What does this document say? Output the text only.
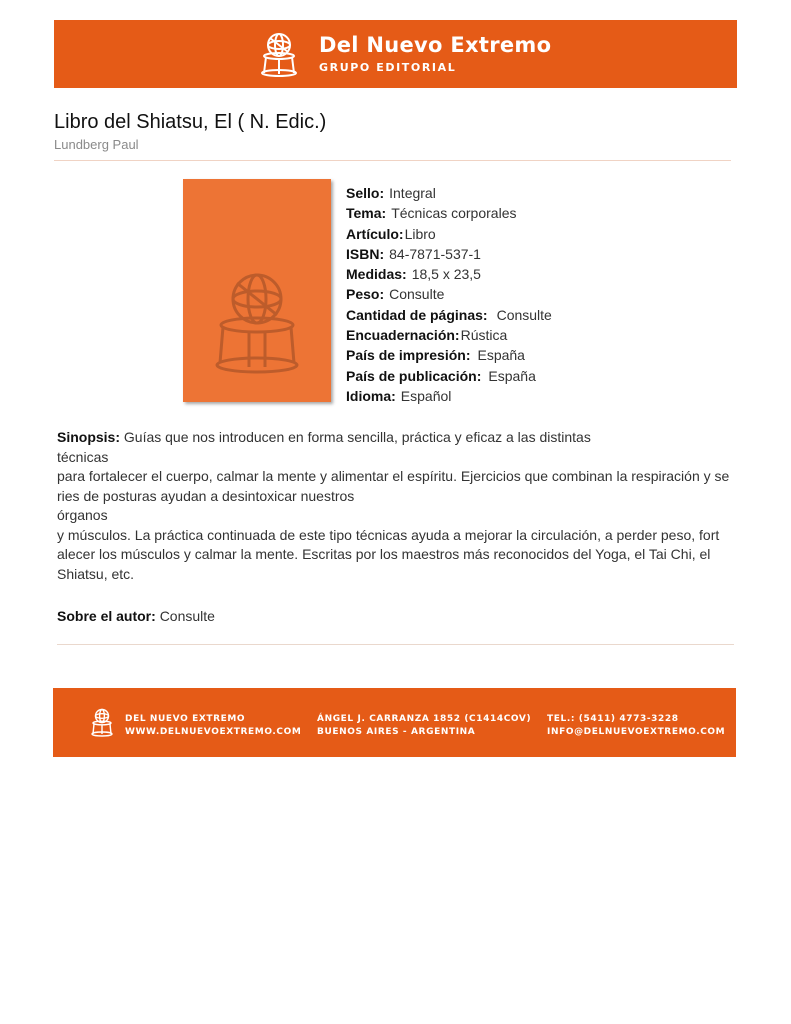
Del Nuevo Extremo
GRUPO EDITORIAL
Libro del Shiatsu, El ( N. Edic.)
Lundberg Paul
Sello: Integral
Tema: Técnicas corporales
Artículo:Libro
ISBN: 84-7871-537-1
Medidas: 18,5 x 23,5
Peso: Consulte
Cantidad de páginas: Consulte
Encuadernación:Rústica
País de impresión: España
País de publicación: España
Idioma: Español
Sinopsis: Guías que nos introducen en forma sencilla, práctica y eficaz a las distintas
técnicas
para fortalecer el cuerpo, calmar la mente y alimentar el espíritu. Ejercicios que combinan la respiración y se
ries de posturas ayudan a desintoxicar nuestros
órganos
y músculos. La práctica continuada de este tipo técnicas ayuda a mejorar la circulación, a perder peso, fort
alecer los músculos y calmar la mente. Escritas por los maestros más reconocidos del Yoga, el Tai Chi, el
Shiatsu, etc.
Sobre el autor: Consulte
DEL NUEVO EXTREMO
WWW.DELNUEVOEXTREMO.COM
ÁNGEL J. CARRANZA 1852 (C1414COV)
BUENOS AIRES - ARGENTINA
TEL.: (5411) 4773-3228
INFO@DELNUEVOEXTREMO.COM
